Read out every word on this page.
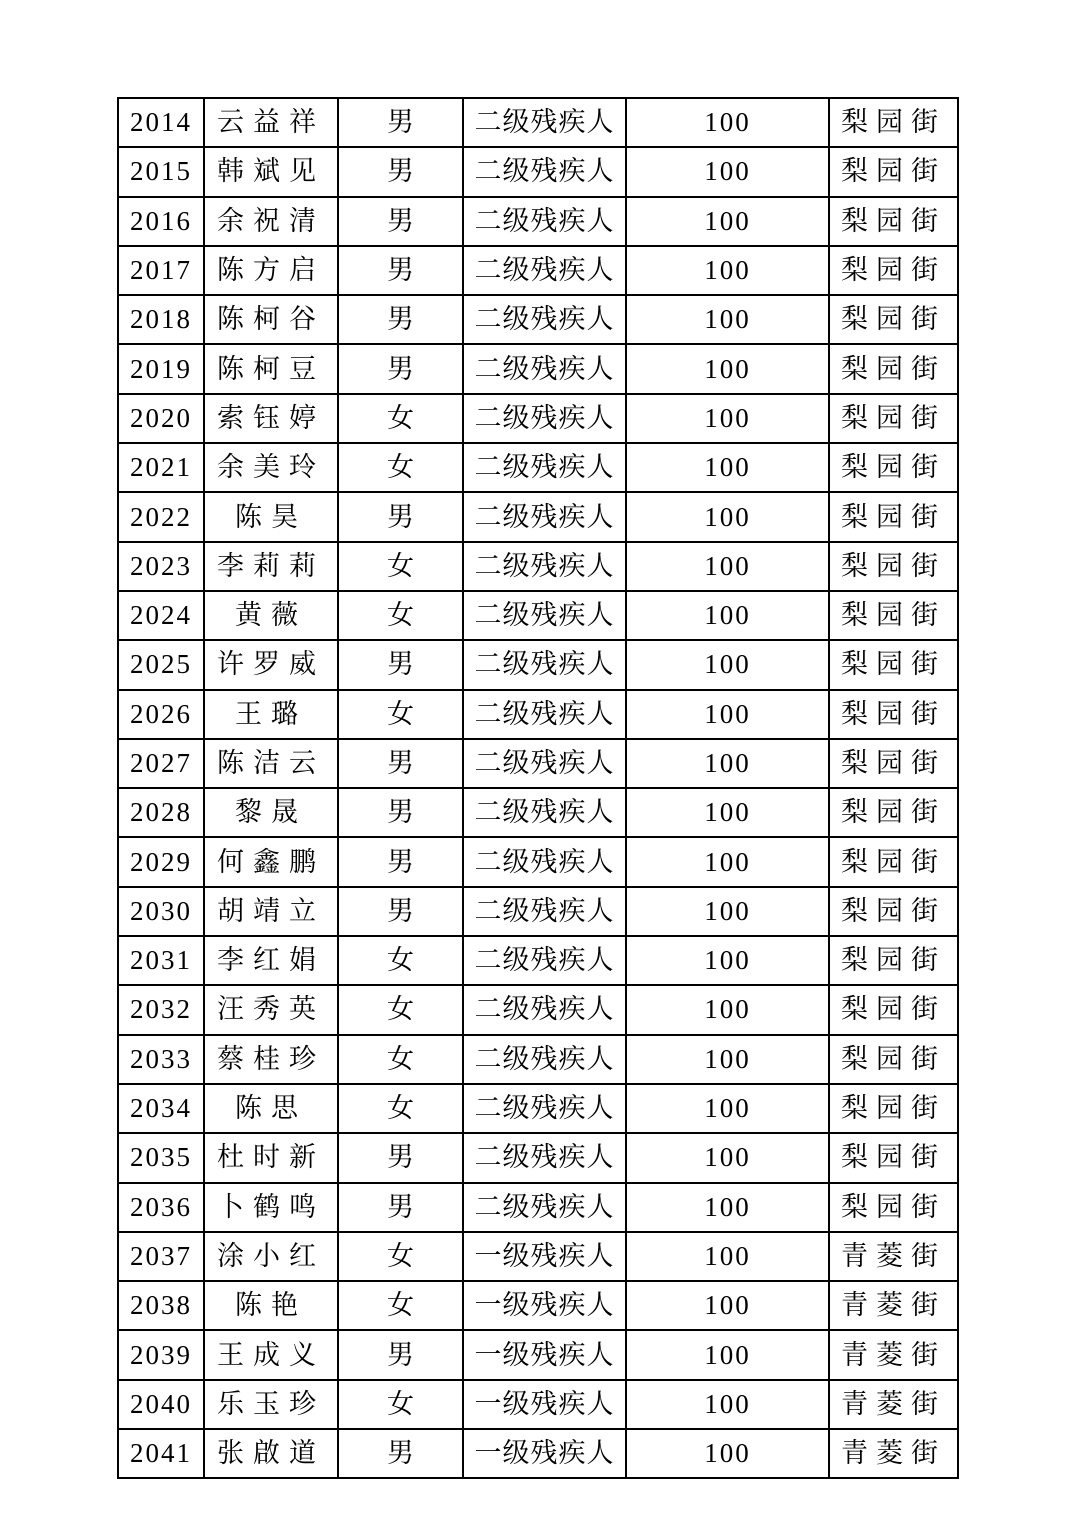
2014	云益祥	男	二级残疾人	100	梨园街
2015	韩斌见	男	二级残疾人	100	梨园街
2016	余祝清	男	二级残疾人	100	梨园街
2017	陈方启	男	二级残疾人	100	梨园街
2018	陈柯谷	男	二级残疾人	100	梨园街
2019	陈柯豆	男	二级残疾人	100	梨园街
2020	索钰婷	女	二级残疾人	100	梨园街
2021	余美玲	女	二级残疾人	100	梨园街
2022	陈昊	男	二级残疾人	100	梨园街
2023	李莉莉	女	二级残疾人	100	梨园街
2024	黄薇	女	二级残疾人	100	梨园街
2025	许罗威	男	二级残疾人	100	梨园街
2026	王璐	女	二级残疾人	100	梨园街
2027	陈洁云	男	二级残疾人	100	梨园街
2028	黎晟	男	二级残疾人	100	梨园街
2029	何鑫鹏	男	二级残疾人	100	梨园街
2030	胡靖立	男	二级残疾人	100	梨园街
2031	李红娟	女	二级残疾人	100	梨园街
2032	汪秀英	女	二级残疾人	100	梨园街
2033	蔡桂珍	女	二级残疾人	100	梨园街
2034	陈思	女	二级残疾人	100	梨园街
2035	杜时新	男	二级残疾人	100	梨园街
2036	卜鹤鸣	男	二级残疾人	100	梨园街
2037	涂小红	女	一级残疾人	100	青菱街
2038	陈艳	女	一级残疾人	100	青菱街
2039	王成义	男	一级残疾人	100	青菱街
2040	乐玉珍	女	一级残疾人	100	青菱街
2041	张啟道	男	一级残疾人	100	青菱街
